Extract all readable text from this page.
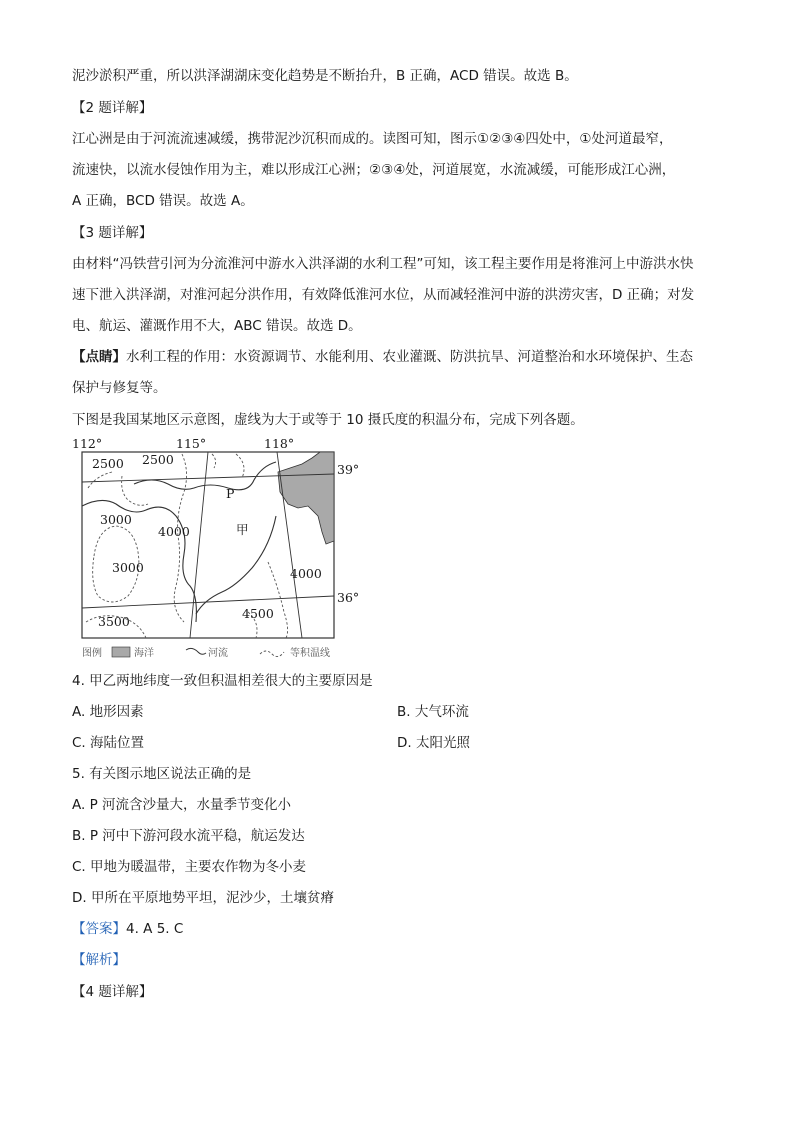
泥沙淤积严重，所以洪泽湖湖床变化趋势是不断抬升，B 正确，ACD 错误。故选 B。
【2 题详解】
江心洲是由于河流流速减缓，携带泥沙沉积而成的。读图可知，图示①②③④四处中，①处河道最窄，
流速快，以流水侵蚀作用为主，难以形成江心洲；②③④处，河道展宽，水流减缓，可能形成江心洲，
A 正确，BCD 错误。故选 A。
【3 题详解】
由材料“冯铁营引河为分流淮河中游水入洪泽湖的水利工程”可知，该工程主要作用是将淮河上中游洪水快
速下泄入洪泽湖，对淮河起分洪作用，有效降低淮河水位，从而减轻淮河中游的洪涝灾害，D 正确；对发
电、航运、灌溉作用不大，ABC 错误。故选 D。
【点睛】水利工程的作用：水资源调节、水能利用、农业灌溉、防洪抗旱、河道整治和水环境保护、生态
保护与修复等。
下图是我国某地区示意图，虚线为大于或等于 10 摄氏度的积温分布，完成下列各题。
112°	115°	118°
39°
36°
2500 2500
3000
4000
3000	4000
4500
3500
P
甲
图例	海洋	河流	等积温线
4. 甲乙两地纬度一致但积温相差很大的主要原因是
A. 地形因素	B. 大气环流
C. 海陆位置	D. 太阳光照
5. 有关图示地区说法正确的是
A. P 河流含沙量大，水量季节变化小
B. P 河中下游河段水流平稳，航运发达
C. 甲地为暖温带，主要农作物为冬小麦
D. 甲所在平原地势平坦，泥沙少，土壤贫瘠
【答案】4. A 5. C
【解析】
【4 题详解】
